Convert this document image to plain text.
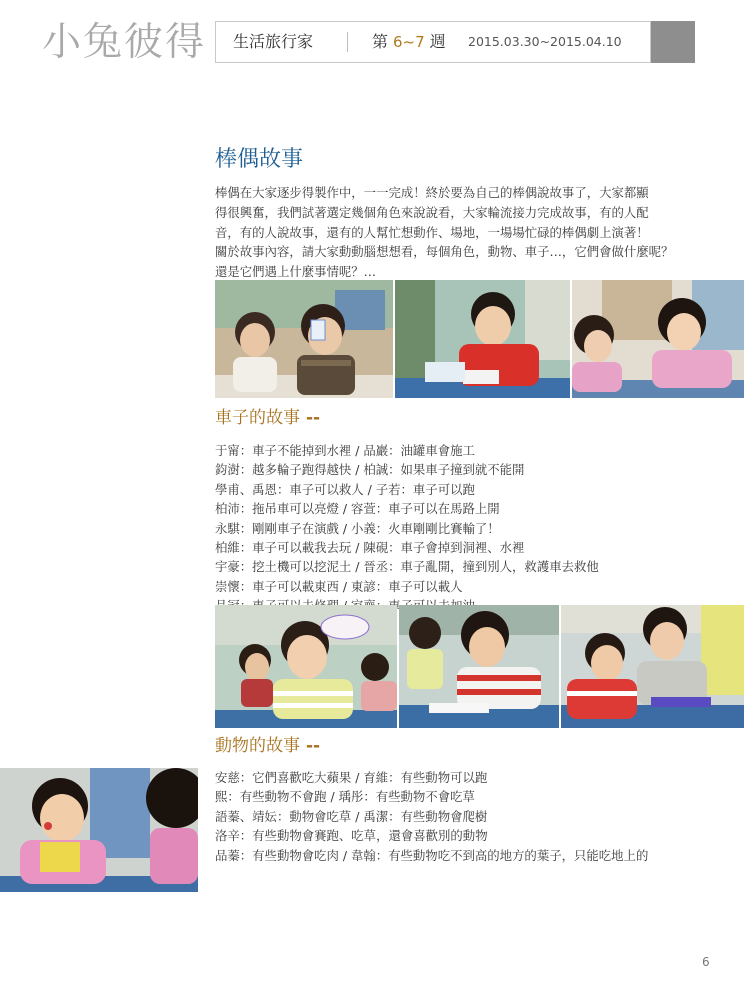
小兔彼得 生活旅行家	第 6~7 週 2015.03.30~2015.04.10
棒偶故事

棒偶在大家逐步得製作中，一一完成！終於要為自己的棒偶說故事了，大家都顯

得很興奮，我們試著選定幾個角色來說說看，大家輪流接力完成故事，有的人配

音，有的人說故事，還有的人幫忙想動作、場地，一場場忙碌的棒偶劇上演著！

關於故事內容，請大家動動腦想想看，每個角色，動物、車子…，它們會做什麼呢？

還是它們遇上什麼事情呢？…

車子的故事 --

于甯：車子不能掉到水裡 / 品巖：油罐車會施工

鈞澍：越多輪子跑得越快 / 柏誠：如果車子撞到就不能開

學甫、禹恩：車子可以救人 / 子若：車子可以跑

柏沛：拖吊車可以亮燈 / 容萱：車子可以在馬路上開

永騏：剛剛車子在演戲 / 小義：火車剛剛比賽輸了！

柏維：車子可以載我去玩 / 陳硯：車子會掉到洞裡、水裡

宇豪：挖土機可以挖泥土 / 晉丞：車子亂開，撞到別人，救護車去救他

崇懷：車子可以載東西 / 東諺：車子可以載人

動物的故事 --

安慈：它們喜歡吃大蘋果 / 育維：有些動物可以跑

熙：有些動物不會跑 / 瑀彤：有些動物不會吃草

語蓁、靖妘：動物會吃草 / 禹潔：有些動物會爬樹

洛辛：有些動物會賽跑、吃草，還會喜歡別的動物

品蓁：有些動物會吃肉 / 韋翰：有些動物吃不到高的地方的葉子，只能吃地上的

6
